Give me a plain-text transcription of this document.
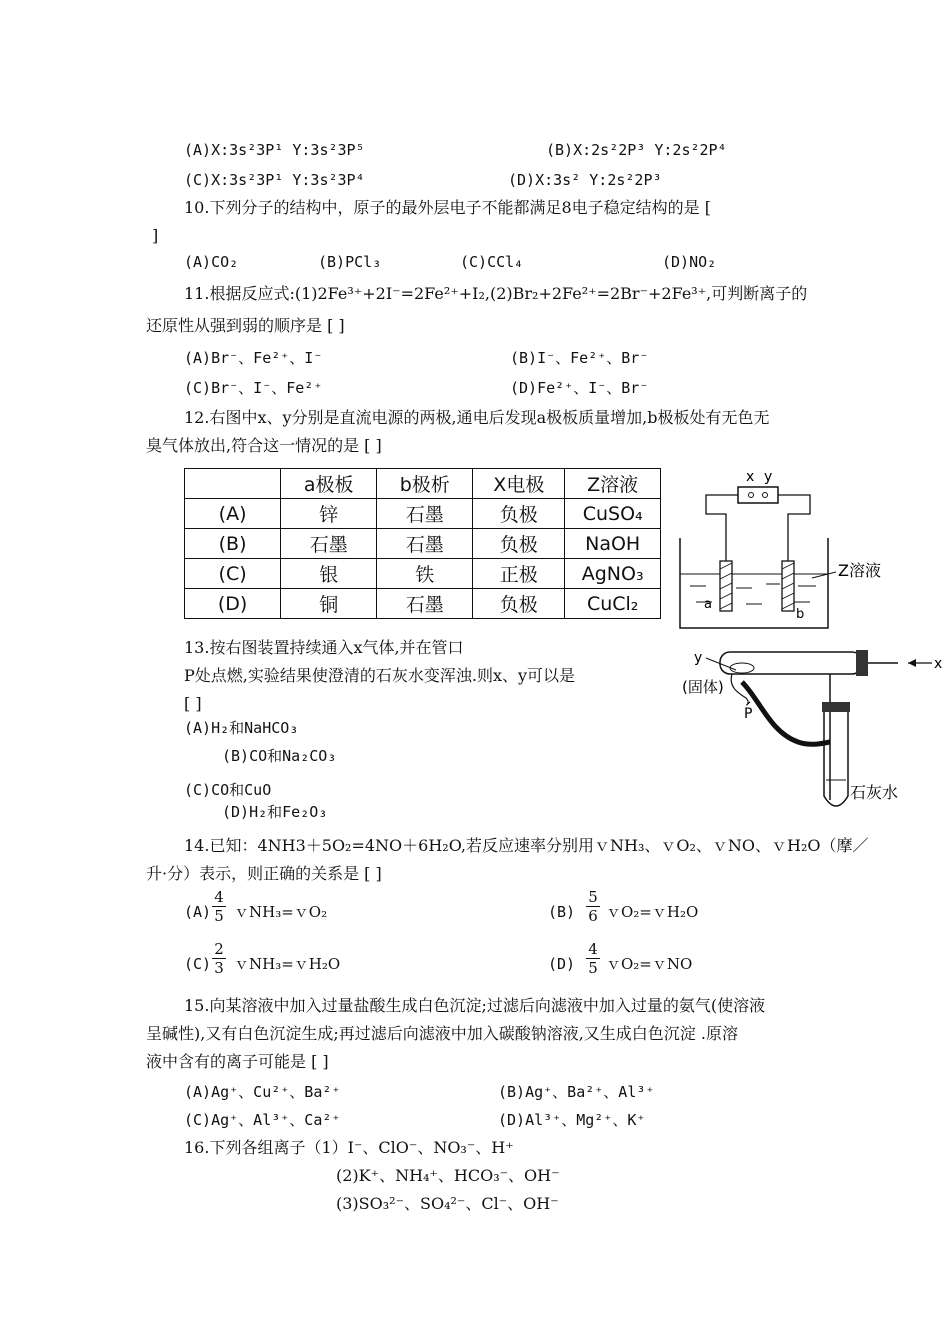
(A)X:3s²3P¹ Y:3s²3P⁵	(B)X:2s²2P³ Y:2s²2P⁴
(C)X:3s²3P¹ Y:3s²3P⁴	(D)X:3s² Y:2s²2P³
10.下列分子的结构中，原子的最外层电子不能都满足8电子稳定结构的是 [
]
(A)CO₂	(B)PCl₃	(C)CCl₄	(D)NO₂
11.根据反应式:(1)2Fe³⁺+2I⁻=2Fe²⁺+I₂,(2)Br₂+2Fe²⁺=2Br⁻+2Fe³⁺,可判断离子的
还原性从强到弱的顺序是 [ ]
(A)Br⁻、Fe²⁺、I⁻	(B)I⁻、Fe²⁺、Br⁻
(C)Br⁻、I⁻、Fe²⁺	(D)Fe²⁺、I⁻、Br⁻
12.右图中x、y分别是直流电源的两极,通电后发现a极板质量增加,b极板处有无色无
臭气体放出,符合这一情况的是 [ ]
	a极板	b极析	X电极	Z溶液
(A)	锌	石墨	负极	CuSO₄
(B)	石墨	石墨	负极	NaOH
(C)	银	铁	正极	AgNO₃
(D)	铜	石墨	负极	CuCl₂
x y
a
b
Z溶液
13.按右图装置持续通入x气体,并在管口
P处点燃,实验结果使澄清的石灰水变浑浊.则x、y可以是
[ ]
(A)H₂和NaHCO₃
(B)CO和Na₂CO₃
(C)CO和CuO
(D)H₂和Fe₂O₃
y	x
(固体)
P
石灰水
14.已知：4NH3＋5O₂=4NO＋6H₂O,若反应速率分别用ｖNH₃、ｖO₂、ｖNO、ｖH₂O（摩／
升·分）表示，则正确的关系是 [ ]
$(A) \frac{4}{5}$ ｖNH₃=ｖO₂	$(B) \frac{5}{6}$ ｖO₂=ｖH₂O
$(C) \frac{2}{3}$ ｖNH₃=ｖH₂O	$(D) \frac{4}{5}$ ｖO₂=ｖNO
15.向某溶液中加入过量盐酸生成白色沉淀;过滤后向滤液中加入过量的氨气(使溶液
呈碱性),又有白色沉淀生成;再过滤后向滤液中加入碳酸钠溶液,又生成白色沉淀 .原溶
液中含有的离子可能是 [ ]
(A)Ag⁺、Cu²⁺、Ba²⁺	(B)Ag⁺、Ba²⁺、Al³⁺
(C)Ag⁺、Al³⁺、Ca²⁺	(D)Al³⁺、Mg²⁺、K⁺
16.下列各组离子（1）I⁻、ClO⁻、NO₃⁻、H⁺
(2)K⁺、NH₄⁺、HCO₃⁻、OH⁻
(3)SO₃²⁻、SO₄²⁻、Cl⁻、OH⁻
